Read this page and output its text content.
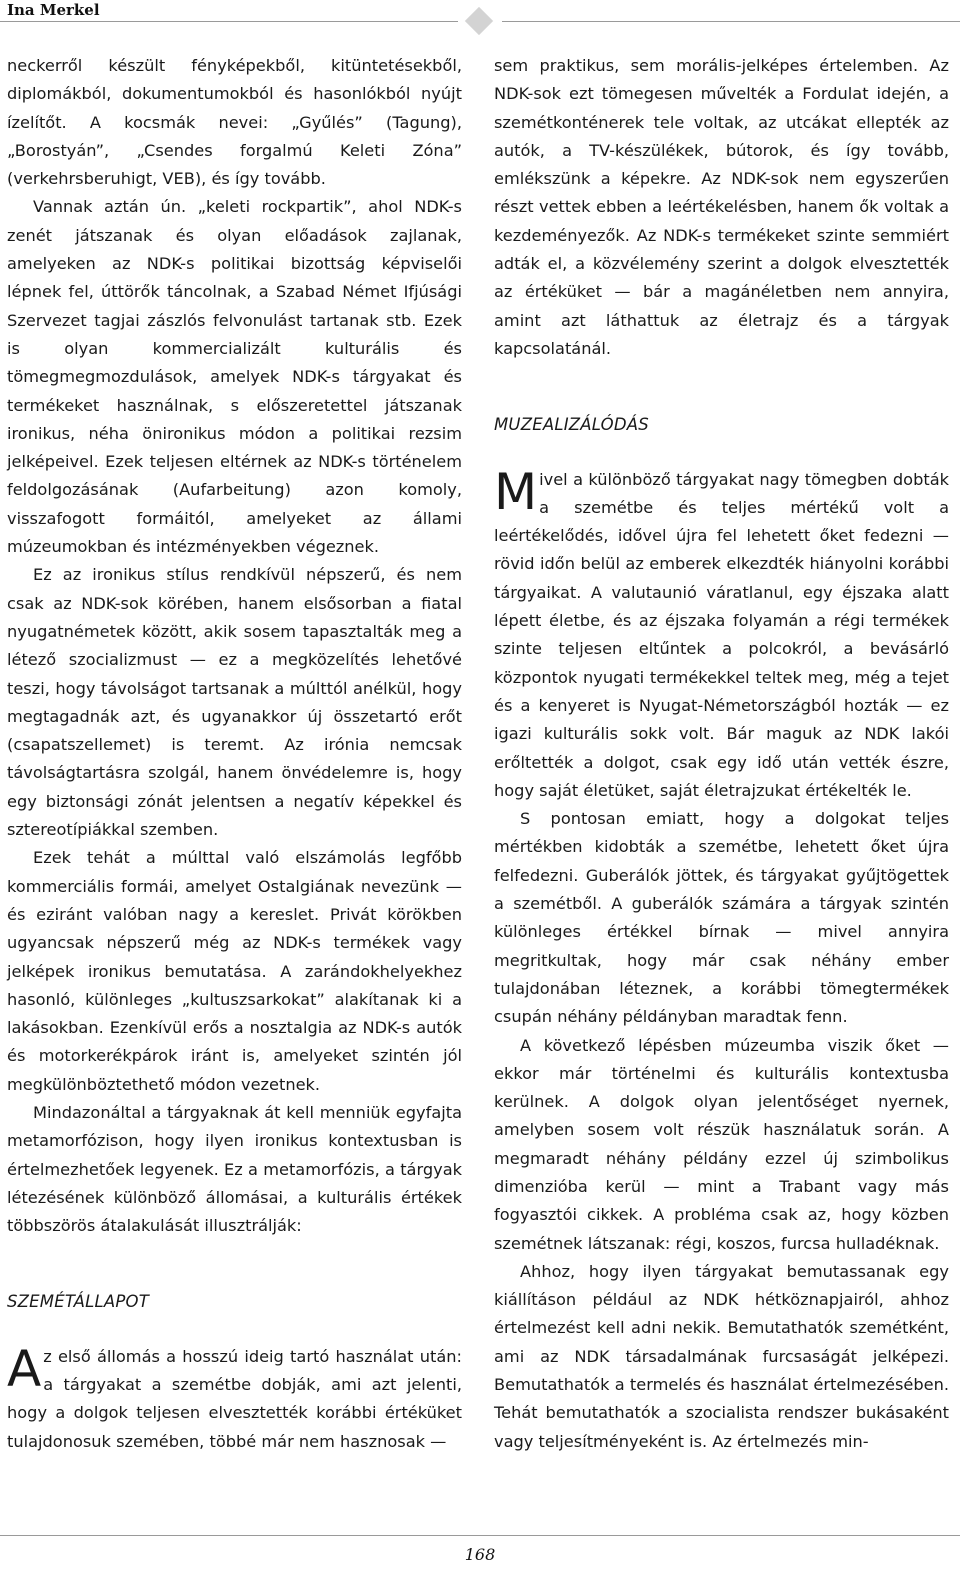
Ina Merkel

neckerről készült fényképekből, kitüntetésekből, diplomákból, dokumentumokból és hasonlókból nyújt ízelítőt. A kocsmák nevei: „Gyűlés” (Tagung), „Borostyán”, „Csendes forgalmú Keleti Zóna” (verkehrsberuhigt, VEB), és így tovább.

Vannak aztán ún. „keleti rockpartik”, ahol NDK-s zenét játszanak és olyan előadások zajlanak, amelyeken az NDK-s politikai bizottság képviselői lépnek fel, úttörők táncolnak, a Szabad Német Ifjúsági Szervezet tagjai zászlós felvonulást tartanak stb. Ezek is olyan kommercializált kulturális és tömegmegmozdulások, amelyek NDK-s tárgyakat és termékeket használnak, s előszeretettel játszanak ironikus, néha önironikus módon a politikai rezsim jelképeivel. Ezek teljesen eltérnek az NDK-s történelem feldolgozásának (Aufarbeitung) azon komoly, visszafogott formáitól, amelyeket az állami múzeumokban és intézményekben végeznek.

Ez az ironikus stílus rendkívül népszerű, és nem csak az NDK-sok körében, hanem elsősorban a fiatal nyugatnémetek között, akik sosem tapasztalták meg a létező szocializmust — ez a megközelítés lehetővé teszi, hogy távolságot tartsanak a múlttól anélkül, hogy megtagadnák azt, és ugyanakkor új összetartó erőt (csapatszellemet) is teremt. Az irónia nemcsak távolságtartásra szolgál, hanem önvédelemre is, hogy egy biztonsági zónát jelentsen a negatív képekkel és sztereotípiákkal szemben.

Ezek tehát a múlttal való elszámolás legfőbb kommerciális formái, amelyet Ostalgiának nevezünk — és eziránt valóban nagy a kereslet. Privát körökben ugyancsak népszerű még az NDK-s termékek vagy jelképek ironikus bemutatása. A zarándokhelyekhez hasonló, különleges „kultuszsarkokat” alakítanak ki a lakásokban. Ezenkívül erős a nosztalgia az NDK-s autók és motorkerékpárok iránt is, amelyeket szintén jól megkülönböztethető módon vezetnek.

Mindazonáltal a tárgyaknak át kell menniük egyfajta metamorfózison, hogy ilyen ironikus kontextusban is értelmezhetőek legyenek. Ez a metamorfózis, a tárgyak létezésének különböző állomásai, a kulturális értékek többszörös átalakulását illusztrálják:

SZEMÉTÁLLAPOT

Az első állomás a hosszú ideig tartó használat után: a tárgyakat a szemétbe dobják, ami azt jelenti, hogy a dolgok teljesen elvesztették korábbi értéküket tulajdonosuk szemében, többé már nem hasznosak —

sem praktikus, sem morális-jelképes értelemben. Az NDK-sok ezt tömegesen művelték a Fordulat idején, a szemétkonténerek tele voltak, az utcákat ellepték az autók, a TV-készülékek, bútorok, és így tovább, emlékszünk a képekre. Az NDK-sok nem egyszerűen részt vettek ebben a leértékelésben, hanem ők voltak a kezdeményezők. Az NDK-s termékeket szinte semmiért adták el, a közvélemény szerint a dolgok elvesztették az értéküket — bár a magánéletben nem annyira, amint azt láthattuk az életrajz és a tárgyak kapcsolatánál.

MUZEALIZÁLÓDÁS

Mivel a különböző tárgyakat nagy tömegben dobták a szemétbe és teljes mértékű volt a leértékelődés, idővel újra fel lehetett őket fedezni — rövid időn belül az emberek elkezdték hiányolni korábbi tárgyaikat. A valutaunió váratlanul, egy éjszaka alatt lépett életbe, és az éjszaka folyamán a régi termékek szinte teljesen eltűntek a polcokról, a bevásárló központok nyugati termékekkel teltek meg, még a tejet és a kenyeret is Nyugat-Németországból hozták — ez igazi kulturális sokk volt. Bár maguk az NDK lakói erőltették a dolgot, csak egy idő után vették észre, hogy saját életüket, saját életrajzukat értékelték le.

S pontosan emiatt, hogy a dolgokat teljes mértékben kidobták a szemétbe, lehetett őket újra felfedezni. Guberálók jöttek, és tárgyakat gyűjtögettek a szemétből. A guberálók számára a tárgyak szintén különleges értékkel bírnak — mivel annyira megritkultak, hogy már csak néhány ember tulajdonában léteznek, a korábbi tömegtermékek csupán néhány példányban maradtak fenn.

A következő lépésben múzeumba viszik őket — ekkor már történelmi és kulturális kontextusba kerülnek. A dolgok olyan jelentőséget nyernek, amelyben sosem volt részük használatuk során. A megmaradt néhány példány ezzel új szimbolikus dimenzióba kerül — mint a Trabant vagy más fogyasztói cikkek. A probléma csak az, hogy közben szemétnek látszanak: régi, koszos, furcsa hulladéknak.

Ahhoz, hogy ilyen tárgyakat bemutassanak egy kiállításon például az NDK hétköznapjairól, ahhoz értelmezést kell adni nekik. Bemutathatók szemétként, ami az NDK társadalmának furcsaságát jelképezi. Bemutathatók a termelés és használat értelmezésében. Tehát bemutathatók a szocialista rendszer bukásaként vagy teljesítményeként is. Az értelmezés min-

168
